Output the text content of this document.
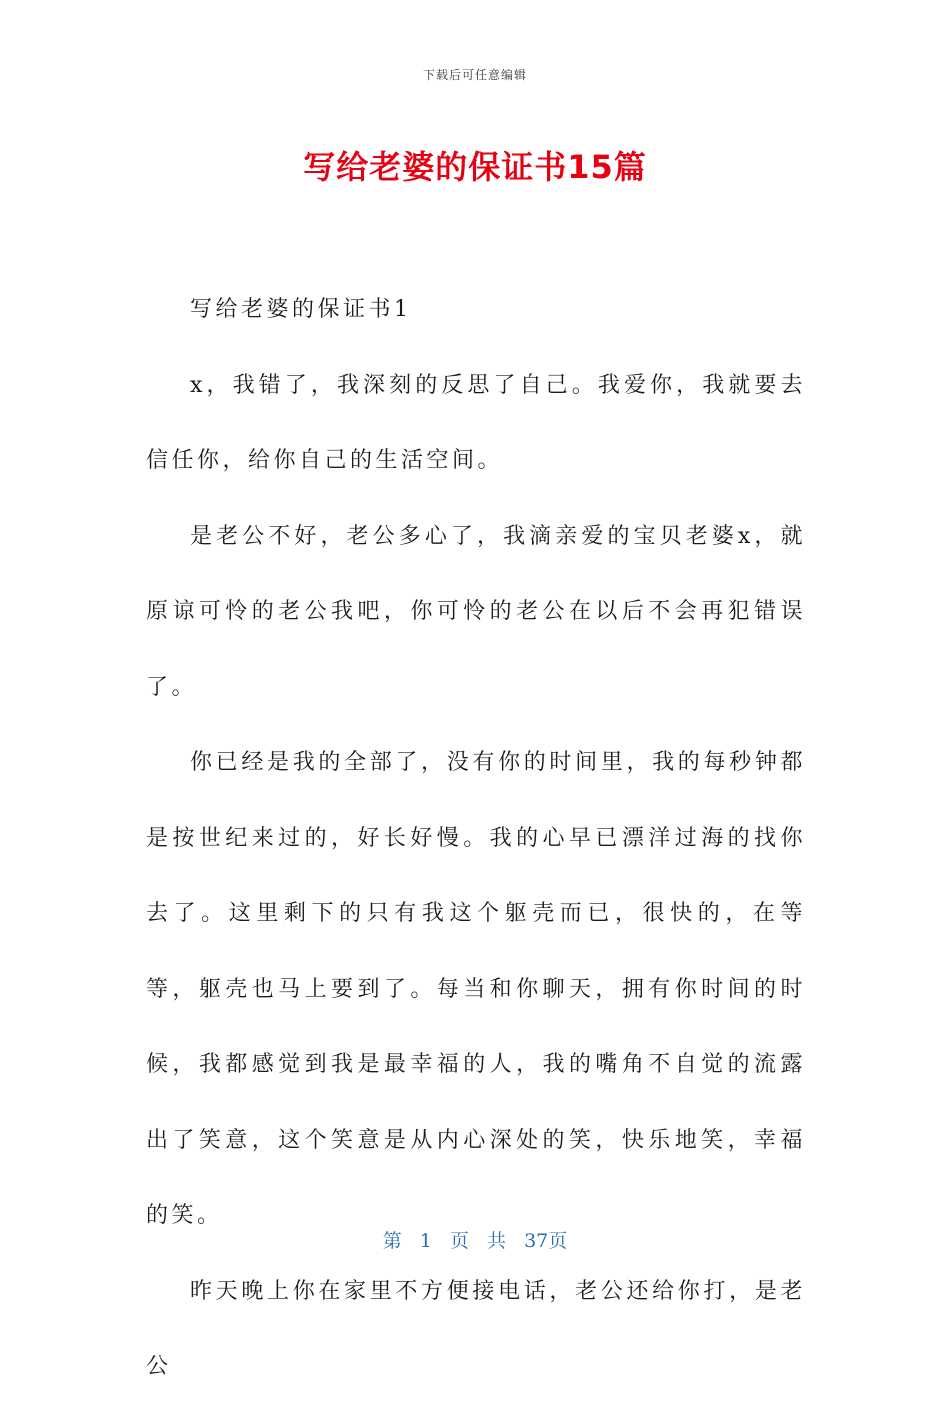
下载后可任意编辑
写给老婆的保证书15篇

写给老婆的保证书1

x，我错了，我深刻的反思了自己。我爱你，我就要去信任你，给你自己的生活空间。

是老公不好，老公多心了，我滴亲爱的宝贝老婆x，就原谅可怜的老公我吧，你可怜的老公在以后不会再犯错误了。

你已经是我的全部了，没有你的时间里，我的每秒钟都是按世纪来过的，好长好慢。我的心早已漂洋过海的找你去了。这里剩下的只有我这个躯壳而已，很快的，在等等，躯壳也马上要到了。每当和你聊天，拥有你时间的时候，我都感觉到我是最幸福的人，我的嘴角不自觉的流露出了笑意，这个笑意是从内心深处的笑，快乐地笑，幸福的笑。

昨天晚上你在家里不方便接电话，老公还给你打，是老公

第 1 页 共 37页
